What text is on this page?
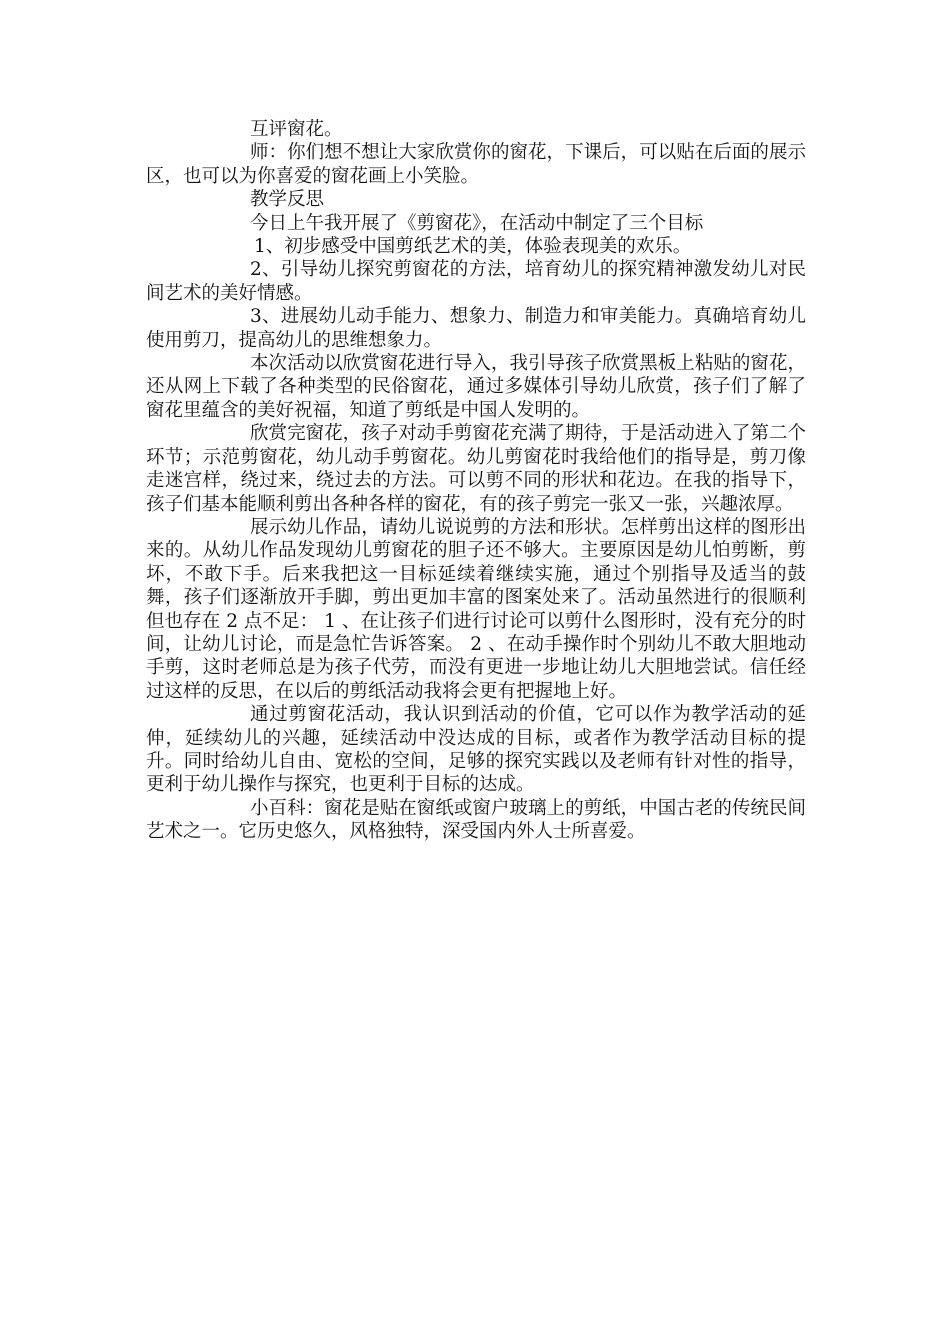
互评窗花。

师：你们想不想让大家欣赏你的窗花，下课后，可以贴在后面的展示区，也可以为你喜爱的窗花画上小笑脸。

教学反思

今日上午我开展了《剪窗花》，在活动中制定了三个目标

1、初步感受中国剪纸艺术的美，体验表现美的欢乐。

2、引导幼儿探究剪窗花的方法，培育幼儿的探究精神激发幼儿对民间艺术的美好情感。

3、进展幼儿动手能力、想象力、制造力和审美能力。真确培育幼儿使用剪刀，提高幼儿的思维想象力。

本次活动以欣赏窗花进行导入，我引导孩子欣赏黑板上粘贴的窗花，还从网上下载了各种类型的民俗窗花，通过多媒体引导幼儿欣赏，孩子们了解了窗花里蕴含的美好祝福，知道了剪纸是中国人发明的。

欣赏完窗花，孩子对动手剪窗花充满了期待，于是活动进入了第二个环节；示范剪窗花，幼儿动手剪窗花。幼儿剪窗花时我给他们的指导是，剪刀像走迷宫样，绕过来，绕过去的方法。可以剪不同的形状和花边。在我的指导下，孩子们基本能顺利剪出各种各样的窗花，有的孩子剪完一张又一张，兴趣浓厚。

展示幼儿作品，请幼儿说说剪的方法和形状。怎样剪出这样的图形出来的。从幼儿作品发现幼儿剪窗花的胆子还不够大。主要原因是幼儿怕剪断，剪坏，不敢下手。后来我把这一目标延续着继续实施，通过个别指导及适当的鼓舞，孩子们逐渐放开手脚，剪出更加丰富的图案处来了。活动虽然进行的很顺利但也存在 2 点不足： 1 、在让孩子们进行讨论可以剪什么图形时，没有充分的时间，让幼儿讨论，而是急忙告诉答案。 2 、在动手操作时个别幼儿不敢大胆地动手剪，这时老师总是为孩子代劳，而没有更进一步地让幼儿大胆地尝试。信任经过这样的反思，在以后的剪纸活动我将会更有把握地上好。

通过剪窗花活动，我认识到活动的价值，它可以作为教学活动的延伸，延续幼儿的兴趣，延续活动中没达成的目标，或者作为教学活动目标的提升。同时给幼儿自由、宽松的空间，足够的探究实践以及老师有针对性的指导，更利于幼儿操作与探究，也更利于目标的达成。

小百科：窗花是贴在窗纸或窗户玻璃上的剪纸，中国古老的传统民间艺术之一。它历史悠久，风格独特，深受国内外人士所喜爱。
